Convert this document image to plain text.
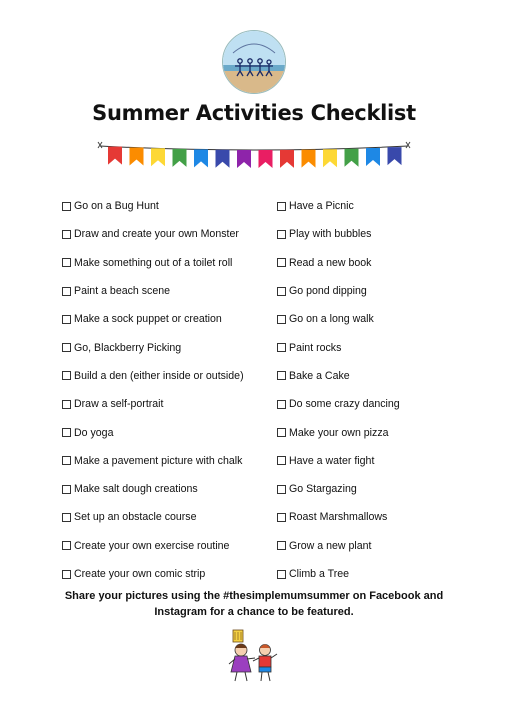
Summer Activities Checklist
Go on a Bug Hunt
Draw and create your own Monster
Make something out of a toilet roll
Paint a beach scene
Make a sock puppet or creation
Go, Blackberry Picking
Build a den (either inside or outside)
Draw a self-portrait
Do yoga
Make a pavement picture with chalk
Make salt dough creations
Set up an obstacle course
Create your own exercise routine
Create your own comic strip
Have a Picnic
Play with bubbles
Read a new book
Go pond dipping
Go on a long walk
Paint rocks
Bake a Cake
Do some crazy dancing
Make your own pizza
Have a water fight
Go Stargazing
Roast Marshmallows
Grow a new plant
Climb a Tree
Share your pictures using the #thesimplemumsummer on Facebook and
Instagram for a chance to be featured.
